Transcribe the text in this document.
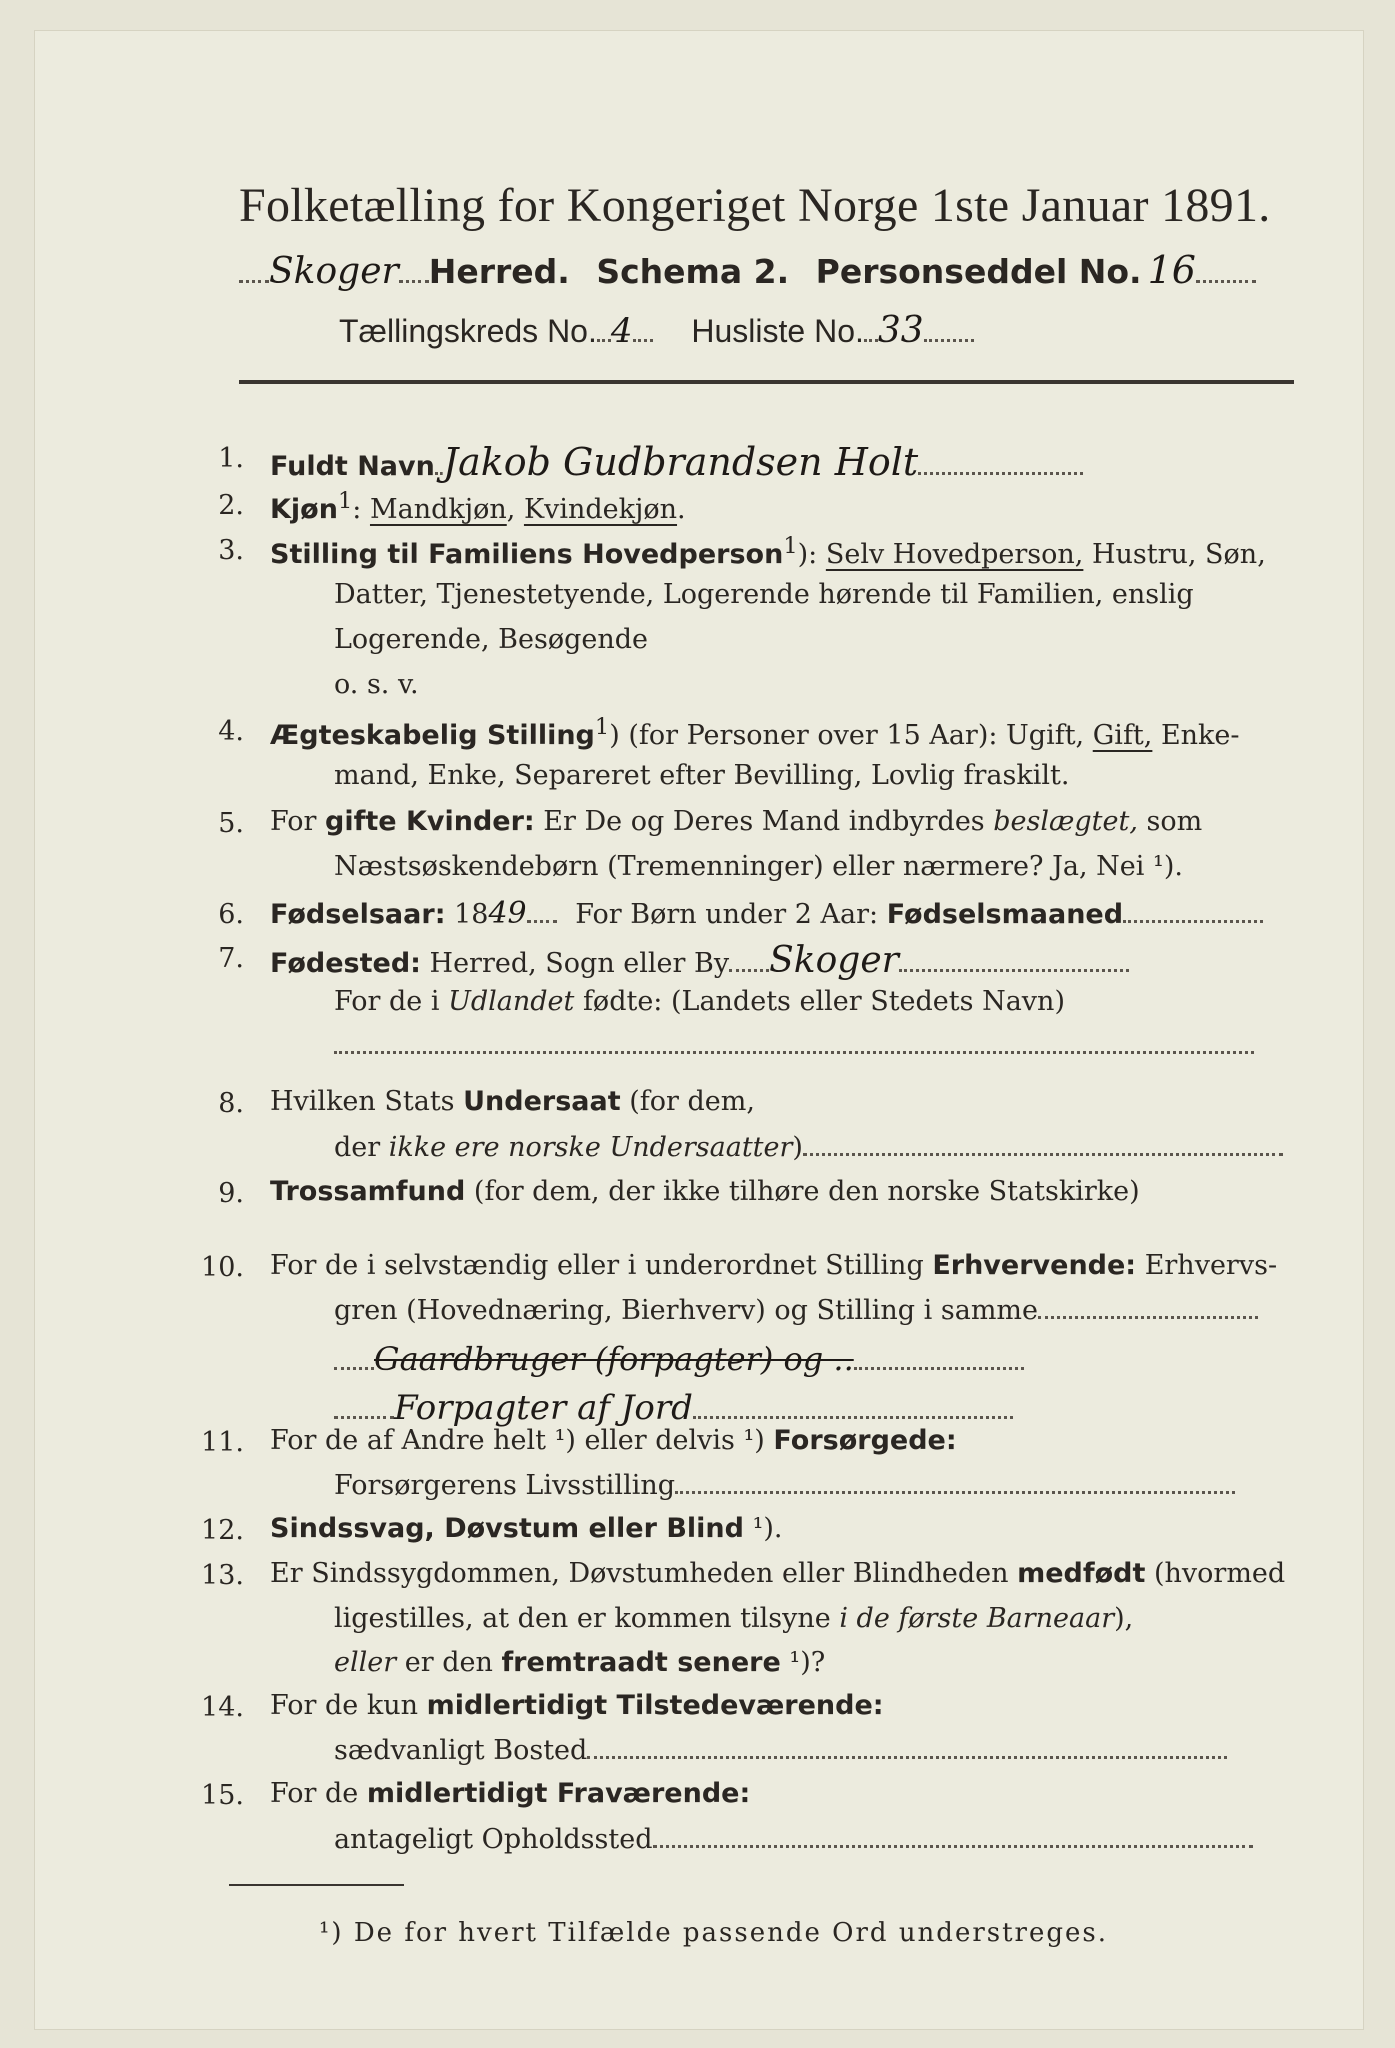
Folketælling for Kongeriget Norge 1ste Januar 1891.
Skoger Herred. Schema 2. Personseddel No. 16
Tællingskreds No. 4 Husliste No. 33
1. Fuldt Navn Jakob Gudbrandsen Holt
2. Kjøn$^1$: Mandkjøn, Kvindekjøn.
3. Stilling til Familiens Hovedperson$^1$): Selv Hovedperson, Hustru, Søn,
Datter, Tjenestetyende, Logerende hørende til Familien, enslig
Logerende, Besøgende
o. s. v.
4. Ægteskabelig Stilling$^1$) (for Personer over 15 Aar): Ugift, Gift, Enke-
mand, Enke, Separeret efter Bevilling, Lovlig fraskilt.
5. For gifte Kvinder: Er De og Deres Mand indbyrdes beslægtet, som
Næstsøskendebørn (Tremenninger) eller nærmere? Ja, Nei ¹).
6. Fødselsaar: 1849 For Børn under 2 Aar: Fødselsmaaned
7. Fødested: Herred, Sogn eller By Skoger
For de i Udlandet fødte: (Landets eller Stedets Navn)
8. Hvilken Stats Undersaat (for dem,
der ikke ere norske Undersaatter)
9. Trossamfund (for dem, der ikke tilhøre den norske Statskirke)
10. For de i selvstændig eller i underordnet Stilling Erhvervende: Erhvervs-
gren (Hovednæring, Bierhverv) og Stilling i samme
Gaardbruger (forpagter) og ..
Forpagter af Jord
11. For de af Andre helt ¹) eller delvis ¹) Forsørgede:
Forsørgerens Livsstilling
12. Sindssvag, Døvstum eller Blind ¹).
13. Er Sindssygdommen, Døvstumheden eller Blindheden medfødt (hvormed
ligestilles, at den er kommen tilsyne i de første Barneaar),
eller er den fremtraadt senere ¹)?
14. For de kun midlertidigt Tilstedeværende:
sædvanligt Bosted
15. For de midlertidigt Fraværende:
antageligt Opholdssted
¹) De for hvert Tilfælde passende Ord understreges.
